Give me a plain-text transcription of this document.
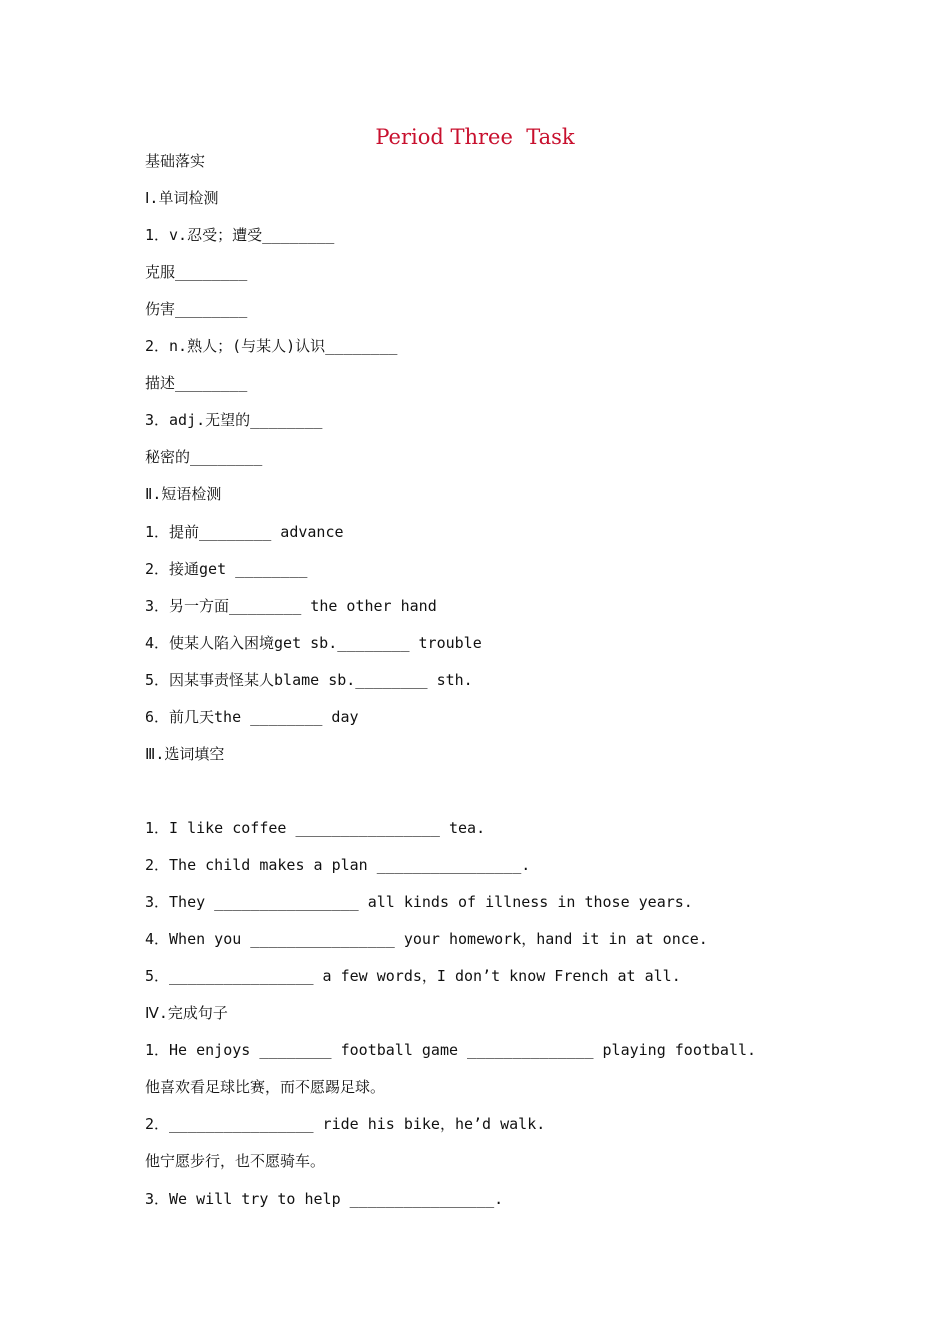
Period Three  Task
基础落实
Ⅰ.单词检测
1．v.忍受；遭受________
克服________
伤害________
2．n.熟人；(与某人)认识________
描述________
3．adj.无望的________
秘密的________
Ⅱ.短语检测
1．提前________ advance
2．接通get ________
3．另一方面________ the other hand
4．使某人陷入困境get sb.________ trouble
5．因某事责怪某人blame sb.________ sth.
6．前几天the ________ day
Ⅲ.选词填空
1．I like coffee ________________ tea.
2．The child makes a plan ________________.
3．They ________________ all kinds of illness in those years.
4．When you ________________ your homework，hand it in at once.
5．________________ a few words，I don’t know French at all.
Ⅳ.完成句子
1．He enjoys ________ football game ______________ playing football.
他喜欢看足球比赛，而不愿踢足球。
2．________________ ride his bike，he’d walk.
他宁愿步行，也不愿骑车。
3．We will try to help ________________.
